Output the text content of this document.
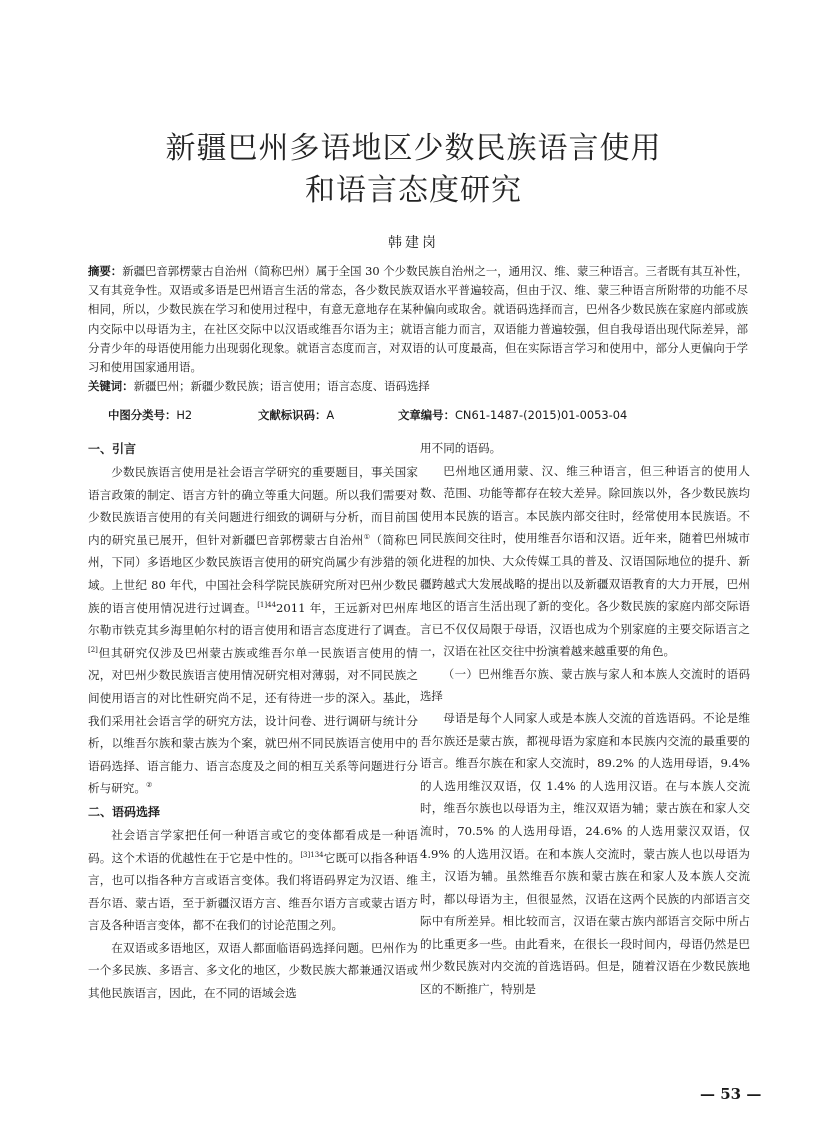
新疆巴州多语地区少数民族语言使用
和语言态度研究
韩建岗
摘要：新疆巴音郭楞蒙古自治州（简称巴州）属于全国 30 个少数民族自治州之一，通用汉、维、蒙三种语言。三者既有其互补性，又有其竞争性。双语或多语是巴州语言生活的常态，各少数民族双语水平普遍较高，但由于汉、维、蒙三种语言所附带的功能不尽相同，所以，少数民族在学习和使用过程中，有意无意地存在某种偏向或取舍。就语码选择而言，巴州各少数民族在家庭内部或族内交际中以母语为主，在社区交际中以汉语或维吾尔语为主；就语言能力而言，双语能力普遍较强，但自我母语出现代际差异，部分青少年的母语使用能力出现弱化现象。就语言态度而言，对双语的认可度最高，但在实际语言学习和使用中，部分人更偏向于学习和使用国家通用语。
关键词：新疆巴州；新疆少数民族；语言使用；语言态度、语码选择
中图分类号：H2	文献标识码：A	文章编号：CN61-1487-(2015)01-0053-04
一、引言

少数民族语言使用是社会语言学研究的重要题目，事关国家语言政策的制定、语言方针的确立等重大问题。所以我们需要对少数民族语言使用的有关问题进行细致的调研与分析，而目前国内的研究虽已展开，但针对新疆巴音郭楞蒙古自治州①（简称巴州，下同）多语地区少数民族语言使用的研究尚属少有涉猎的领域。上世纪 80 年代，中国社会科学院民族研究所对巴州少数民族的语言使用情况进行过调查。$^{[1]44}$2011 年，王远新对巴州库尔勒市铁克其乡海里帕尔村的语言使用和语言态度进行了调查。[2]但其研究仅涉及巴州蒙古族或维吾尔单一民族语言使用的情况，对巴州少数民族语言使用情况研究相对薄弱，对不同民族之间使用语言的对比性研究尚不足，还有待进一步的深入。基此，我们采用社会语言学的研究方法，设计问卷、进行调研与统计分析，以维吾尔族和蒙古族为个案，就巴州不同民族语言使用中的语码选择、语言能力、语言态度及之间的相互关系等问题进行分析与研究。②

二、语码选择

社会语言学家把任何一种语言或它的变体都看成是一种语码。这个术语的优越性在于它是中性的。$^{[3]134}$它既可以指各种语言，也可以指各种方言或语言变体。我们将语码界定为汉语、维吾尔语、蒙古语，至于新疆汉语方言、维吾尔语方言或蒙古语方言及各种语言变体，都不在我们的讨论范围之列。

在双语或多语地区，双语人都面临语码选择问题。巴州作为一个多民族、多语言、多文化的地区，少数民族大都兼通汉语或其他民族语言，因此，在不同的语域会选

用不同的语码。

巴州地区通用蒙、汉、维三种语言，但三种语言的使用人数、范围、功能等都存在较大差异。除回族以外，各少数民族均使用本民族的语言。本民族内部交往时，经常使用本民族语。不同民族间交往时，使用维吾尔语和汉语。近年来，随着巴州城市化进程的加快、大众传媒工具的普及、汉语国际地位的提升、新疆跨越式大发展战略的提出以及新疆双语教育的大力开展，巴州地区的语言生活出现了新的变化。各少数民族的家庭内部交际语言已不仅仅局限于母语，汉语也成为个别家庭的主要交际语言之一，汉语在社区交往中扮演着越来越重要的角色。

（一）巴州维吾尔族、蒙古族与家人和本族人交流时的语码选择

母语是每个人同家人或是本族人交流的首选语码。不论是维吾尔族还是蒙古族，都视母语为家庭和本民族内交流的最重要的语言。维吾尔族在和家人交流时，89.2% 的人选用母语，9.4% 的人选用维汉双语，仅 1.4% 的人选用汉语。在与本族人交流时，维吾尔族也以母语为主，维汉双语为辅；蒙古族在和家人交流时，70.5% 的人选用母语，24.6% 的人选用蒙汉双语，仅 4.9% 的人选用汉语。在和本族人交流时，蒙古族人也以母语为主，汉语为辅。虽然维吾尔族和蒙古族在和家人及本族人交流时，都以母语为主，但很显然，汉语在这两个民族的内部语言交际中有所差异。相比较而言，汉语在蒙古族内部语言交际中所占的比重更多一些。由此看来，在很长一段时间内，母语仍然是巴州少数民族对内交流的首选语码。但是，随着汉语在少数民族地区的不断推广，特别是

— 53 —
